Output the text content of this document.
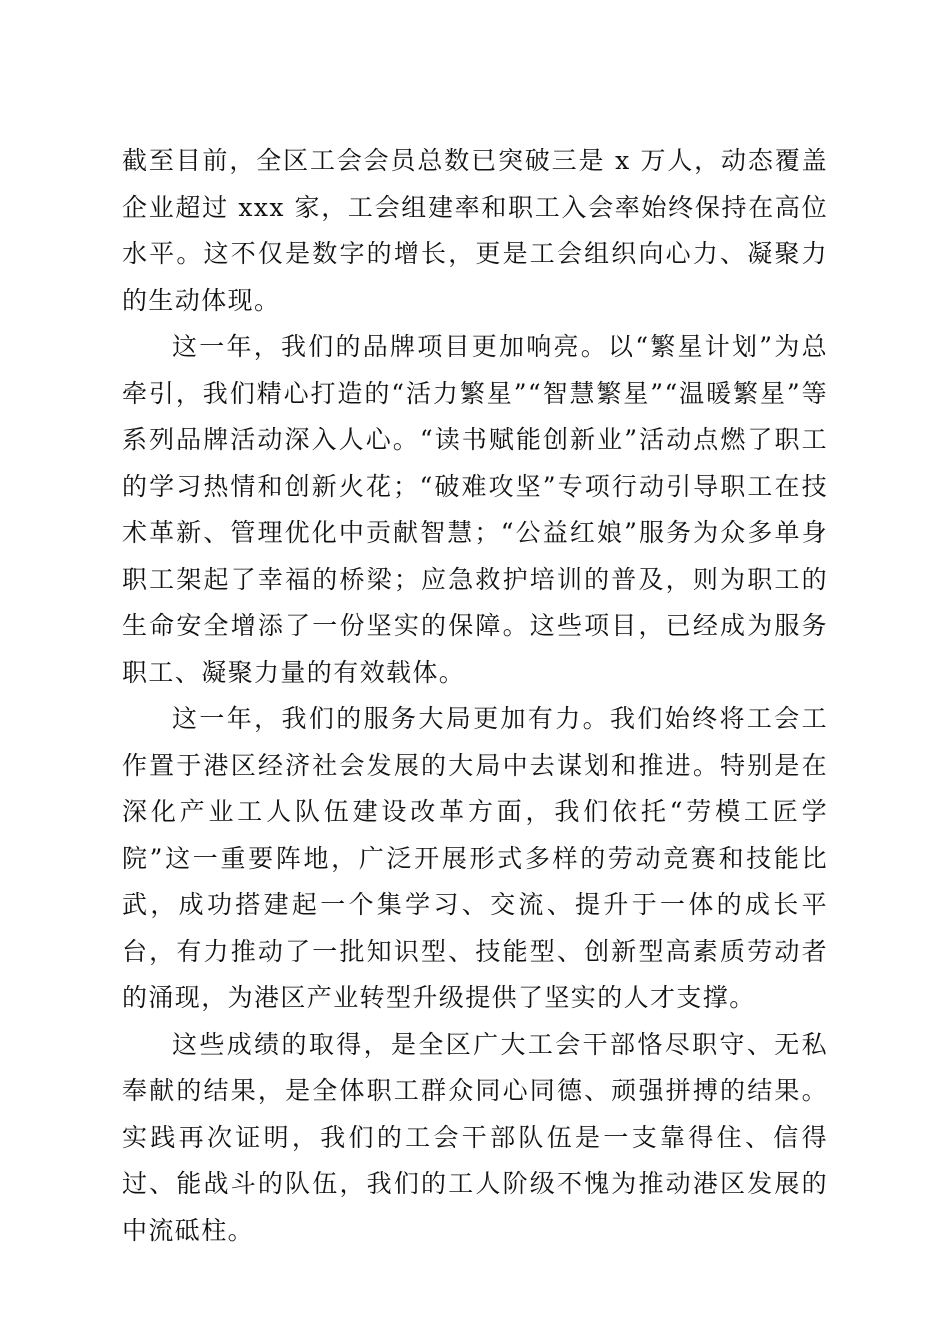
截至目前，全区工会会员总数已突破三是 x 万人，动态覆盖企业超过 xxx 家，工会组建率和职工入会率始终保持在高位水平。这不仅是数字的增长，更是工会组织向心力、凝聚力的生动体现。

这一年，我们的品牌项目更加响亮。以“繁星计划”为总牵引，我们精心打造的“活力繁星”“智慧繁星”“温暖繁星”等系列品牌活动深入人心。“读书赋能创新业”活动点燃了职工的学习热情和创新火花；“破难攻坚”专项行动引导职工在技术革新、管理优化中贡献智慧；“公益红娘”服务为众多单身职工架起了幸福的桥梁；应急救护培训的普及，则为职工的生命安全增添了一份坚实的保障。这些项目，已经成为服务职工、凝聚力量的有效载体。

这一年，我们的服务大局更加有力。我们始终将工会工作置于港区经济社会发展的大局中去谋划和推进。特别是在深化产业工人队伍建设改革方面，我们依托“劳模工匠学院”这一重要阵地，广泛开展形式多样的劳动竞赛和技能比武，成功搭建起一个集学习、交流、提升于一体的成长平台，有力推动了一批知识型、技能型、创新型高素质劳动者的涌现，为港区产业转型升级提供了坚实的人才支撑。

这些成绩的取得，是全区广大工会干部恪尽职守、无私奉献的结果，是全体职工群众同心同德、顽强拼搏的结果。实践再次证明，我们的工会干部队伍是一支靠得住、信得过、能战斗的队伍，我们的工人阶级不愧为推动港区发展的中流砥柱。
